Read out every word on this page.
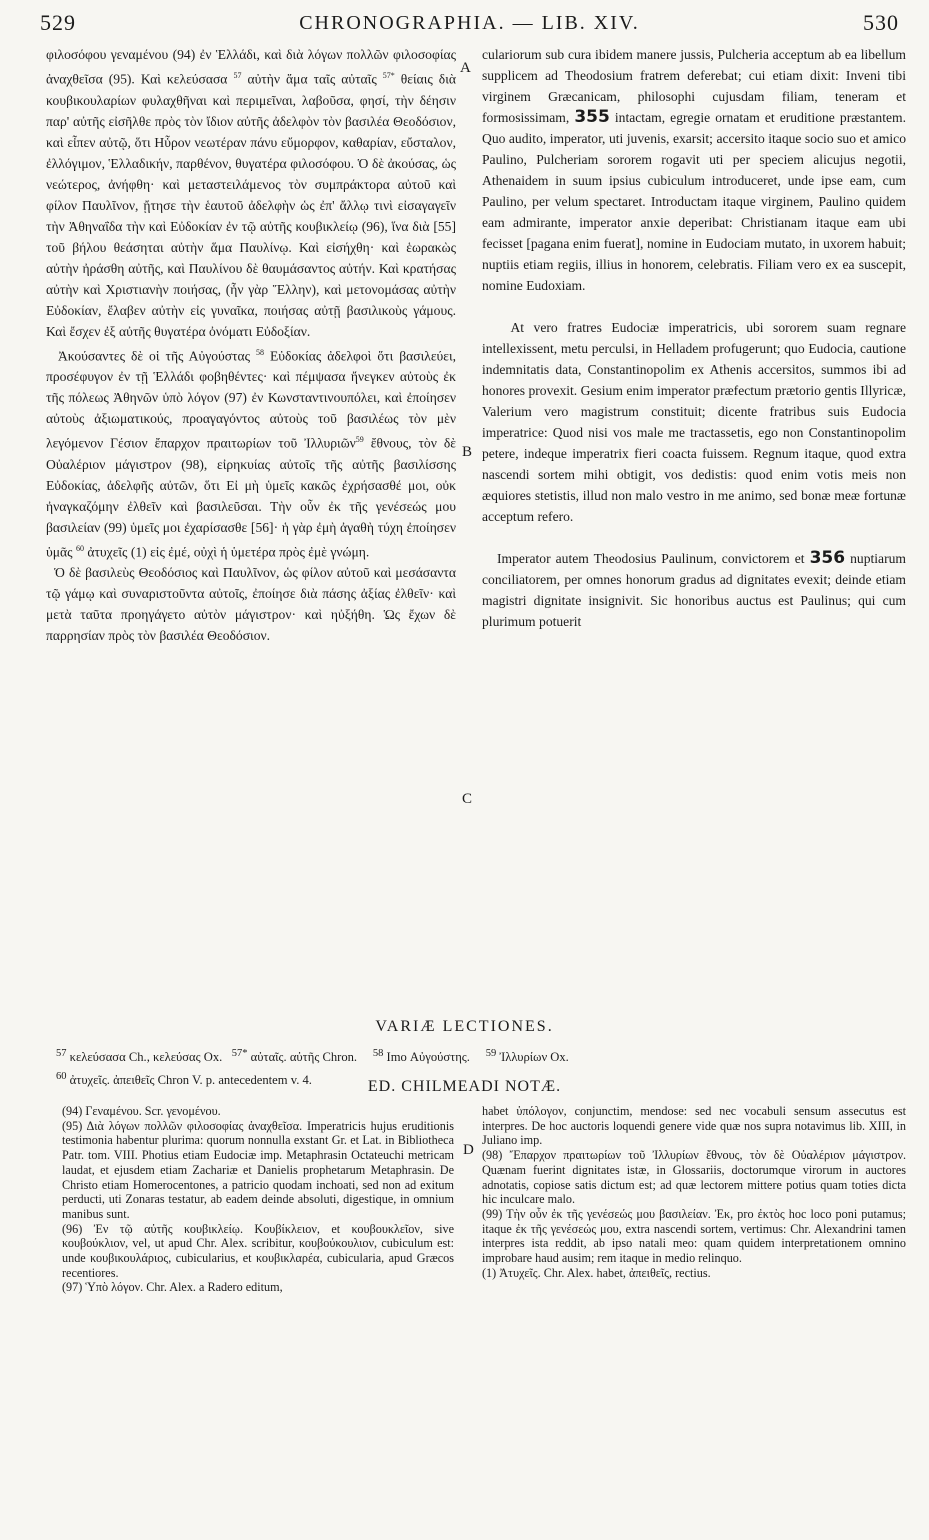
529	CHRONOGRAPHIA. — LIB. XIV.	530

φιλοσόφου γεναμένου (94) ἐν Ἑλλάδι, καὶ διὰ λόγων πολλῶν φιλοσοφίας ἀναχθεῖσα (95). Καὶ κελεύσασα $^{57}$ αὐτὴν ἅμα ταῖς αὐταῖς $^{57*}$ θείαις διὰ κουβικουλαρίων φυλαχθῆναι καὶ περιμεῖναι, λαβοῦσα, φησί, τὴν δέησιν παρ' αὐτῆς εἰσῆλθε πρὸς τὸν ἴδιον αὐτῆς ἀδελφὸν τὸν βασιλέα Θεοδόσιον, καὶ εἶπεν αὐτῷ, ὅτι Ηὗρον νεωτέραν πάνυ εὔμορφον, καθαρίαν, εὔσταλον, ἐλλόγιμον, Ἑλλαδικήν, παρθένον, θυγατέρα φιλοσόφου. Ὁ δὲ ἀκούσας, ὡς νεώτερος, ἀνήφθη· καὶ μεταστειλάμενος τὸν συμπράκτορα αὐτοῦ καὶ φίλον Παυλῖνον, ᾔτησε τὴν ἑαυτοῦ ἀδελφὴν ὡς ἐπ' ἄλλῳ τινὶ εἰσαγαγεῖν τὴν Ἀθηναΐδα τὴν καὶ Εὐδοκίαν ἐν τῷ αὐτῆς κουβικλείῳ (96), ἵνα διὰ [55] τοῦ βήλου θεάσηται αὐτὴν ἅμα Παυλίνῳ. Καὶ εἰσήχθη· καὶ ἑωρακὼς αὐτὴν ἠράσθη αὐτῆς, καὶ Παυλίνου δὲ θαυμάσαντος αὐτήν. Καὶ κρατήσας αὐτὴν καὶ Χριστιανὴν ποιήσας, (ἦν γὰρ Ἕλλην), καὶ μετονομάσας αὐτὴν Εὐδοκίαν, ἔλαβεν αὐτὴν εἰς γυναῖκα, ποιήσας αὐτῇ βασιλικοὺς γάμους. Καὶ ἔσχεν ἐξ αὐτῆς θυγατέρα ὀνόματι Εὐδοξίαν.

Ἀκούσαντες δὲ οἱ τῆς Αὐγούστας $^{58}$ Εὐδοκίας ἀδελφοὶ ὅτι βασιλεύει, προσέφυγον ἐν τῇ Ἑλλάδι φοβηθέντες· καὶ πέμψασα ἤνεγκεν αὐτοὺς ἐκ τῆς πόλεως Ἀθηνῶν ὑπὸ λόγον (97) ἐν Κωνσταντινουπόλει, καὶ ἐποίησεν αὐτοὺς ἀξιωματικούς, προαγαγόντος αὐτοὺς τοῦ βασιλέως τὸν μὲν λεγόμενον Γέσιον ἔπαρχον πραιτωρίων τοῦ Ἰλλυριῶν$^{59}$ ἔθνους, τὸν δὲ Οὐαλέριον μάγιστρον (98), εἰρηκυίας αὐτοῖς τῆς αὐτῆς βασιλίσσης Εὐδοκίας, ἀδελφῆς αὐτῶν, ὅτι Εἰ μὴ ὑμεῖς κακῶς ἐχρήσασθέ μοι, οὐκ ἠναγκαζόμην ἐλθεῖν καὶ βασιλεῦσαι. Τὴν οὖν ἐκ τῆς γενέσεώς μου βασιλείαν (99) ὑμεῖς μοι ἐχαρίσασθε [56]· ἡ γὰρ ἐμὴ ἀγαθὴ τύχη ἐποίησεν ὑμᾶς $^{60}$ ἀτυχεῖς (1) εἰς ἐμέ, οὐχὶ ἡ ὑμετέρα πρὸς ἐμὲ γνώμη.

Ὁ δὲ βασιλεὺς Θεοδόσιος καὶ Παυλῖνον, ὡς φίλον αὐτοῦ καὶ μεσάσαντα τῷ γάμῳ καὶ συναριστοῦντα αὐτοῖς, ἐποίησε διὰ πάσης ἀξίας ἐλθεῖν· καὶ μετὰ ταῦτα προηγάγετο αὐτὸν μάγιστρον· καὶ ηὐξήθη. Ὡς ἔχων δὲ παρρησίαν πρὸς τὸν βασιλέα Θεοδόσιον.

A
B
C
D

culariorum sub cura ibidem manere jussis, Pulcheria acceptum ab ea libellum supplicem ad Theodosium fratrem deferebat; cui etiam dixit: Inveni tibi virginem Græcanicam, philosophi cujusdam filiam, teneram et formosissimam, 355 intactam, egregie ornatam et eruditione præstantem. Quo audito, imperator, uti juvenis, exarsit; accersito itaque socio suo et amico Paulino, Pulcheriam sororem rogavit uti per speciem alicujus negotii, Athenaidem in suum ipsius cubiculum introduceret, unde ipse eam, cum Paulino, per velum spectaret. Introductam itaque virginem, Paulino quidem eam admirante, imperator anxie deperibat: Christianam itaque eam ubi fecisset [pagana enim fuerat], nomine in Eudociam mutato, in uxorem habuit; nuptiis etiam regiis, illius in honorem, celebratis. Filiam vero ex ea suscepit, nomine Eudoxiam.

At vero fratres Eudociæ imperatricis, ubi sororem suam regnare intellexissent, metu perculsi, in Helladem profugerunt; quo Eudocia, cautione indemnitatis data, Constantinopolim ex Athenis accersitos, summos ibi ad honores provexit. Gesium enim imperator præfectum prætorio gentis Illyricæ, Valerium vero magistrum constituit; dicente fratribus suis Eudocia imperatrice: Quod nisi vos male me tractassetis, ego non Constantinopolim petere, indeque imperatrix fieri coacta fuissem. Regnum itaque, quod extra nascendi sortem mihi obtigit, vos dedistis: quod enim votis meis non æquiores stetistis, illud non malo vestro in me animo, sed bonæ meæ fortunæ acceptum refero.

Imperator autem Theodosius Paulinum, convictorem et 356 nuptiarum conciliatorem, per omnes honorum gradus ad dignitates evexit; deinde etiam magistri dignitate insignivit. Sic honoribus auctus est Paulinus; qui cum plurimum potuerit

VARIÆ LECTIONES.
$^{57}$ κελεύσασα Ch., κελεύσας Ox. $^{57*}$ αὐταῖς. αὐτῆς Chron. $^{58}$ Imo Αὐγούστης. $^{59}$ Ἰλλυρίων Ox.
$^{60}$ ἀτυχεῖς. ἀπειθεῖς Chron V. p. antecedentem v. 4.	ED. CHILMEADI NOTÆ.

(94) Γεναμένου. Scr. γενομένου.

(95) Διὰ λόγων πολλῶν φιλοσοφίας ἀναχθεῖσα. Imperatricis hujus eruditionis testimonia habentur plurima: quorum nonnulla exstant Gr. et Lat. in Bibliotheca Patr. tom. VIII. Photius etiam Eudociæ imp. Metaphrasin Octateuchi metricam laudat, et ejusdem etiam Zachariæ et Danielis prophetarum Metaphrasin. De Christo etiam Homerocentones, a patricio quodam inchoati, sed non ad exitum perducti, uti Zonaras testatur, ab eadem deinde absoluti, digestique, in omnium manibus sunt.

(96) Ἐν τῷ αὐτῆς κουβικλείῳ. Κουβίκλειον, et κουβουκλεῖον, sive κουβούκλιον, vel, ut apud Chr. Alex. scribitur, κουβούκουλιον, cubiculum est: unde κουβικουλάριος, cubicularius, et κουβικλαρέα, cubicularia, apud Græcos recentiores.

(97) Ὑπὸ λόγον. Chr. Alex. a Radero editum,

habet ὑπόλογον, conjunctim, mendose: sed nec vocabuli sensum assecutus est interpres. De hoc auctoris loquendi genere vide quæ nos supra notavimus lib. XIII, in Juliano imp.

(98) Ἔπαρχον πραιτωρίων τοῦ Ἰλλυρίων ἔθνους, τὸν δὲ Οὐαλέριον μάγιστρον. Quænam fuerint dignitates istæ, in Glossariis, doctorumque virorum in auctores adnotatis, copiose satis dictum est; ad quæ lectorem mittere potius quam toties dicta hic inculcare malo.

(99) Τὴν οὖν ἐκ τῆς γενέσεώς μου βασιλείαν. Ἐκ, pro ἐκτὸς hoc loco poni putamus; itaque ἐκ τῆς γενέσεώς μου, extra nascendi sortem, vertimus: Chr. Alexandrini tamen interpres ista reddit, ab ipso natali meo: quam quidem interpretationem omnino improbare haud ausim; rem itaque in medio relinquo.

(1) Ἀτυχεῖς. Chr. Alex. habet, ἀπειθεῖς, rectius.
